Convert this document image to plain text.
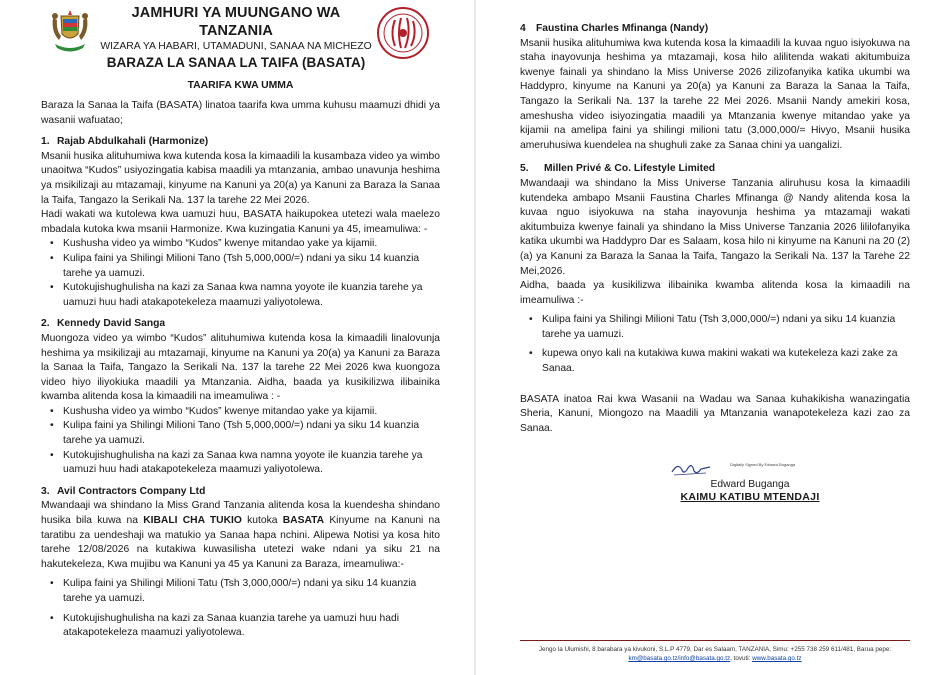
JAMHURI YA MUUNGANO WA TANZANIA
WIZARA YA HABARI, UTAMADUNI, SANAA NA MICHEZO
BARAZA LA SANAA LA TAIFA (BASATA)
TAARIFA KWA UMMA

Baraza la Sanaa la Taifa (BASATA) linatoa taarifa kwa umma kuhusu maamuzi dhidi ya wasanii wafuatao;

1. Rajab Abdulkahali (Harmonize)

Msanii husika alituhumiwa kwa kutenda kosa la kimaadili la kusambaza video ya wimbo unaoitwa “Kudos” usiyozingatia kabisa maadili ya mtanzania, ambao unavunja heshima ya msikilizaji au mtazamaji, kinyume na Kanuni ya 20(a) ya Kanuni za Baraza la Sanaa la Taifa, Tangazo la Serikali Na. 137 la tarehe 22 Mei 2026.

Hadi wakati wa kutolewa kwa uamuzi huu, BASATA haikupokea utetezi wala maelezo mbadala kutoka kwa msanii Harmonize. Kwa kuzingatia Kanuni ya 45, imeamuliwa: -

• Kushusha video ya wimbo “Kudos” kwenye mitandao yake ya kijamii.
• Kulipa faini ya Shilingi Milioni Tano (Tsh 5,000,000/=) ndani ya siku 14 kuanzia tarehe ya uamuzi.
• Kutokujishughulisha na kazi za Sanaa kwa namna yoyote ile kuanzia tarehe ya uamuzi huu hadi atakapotekeleza maamuzi yaliyotolewa.
2. Kennedy David Sanga

Muongoza video ya wimbo “Kudos” alituhumiwa kutenda kosa la kimaadili linalovunja heshima ya msikilizaji au mtazamaji, kinyume na Kanuni ya 20(a) ya Kanuni za Baraza la Sanaa la Taifa, Tangazo la Serikali Na. 137 la tarehe 22 Mei 2026 kwa kuongoza video hiyo iliyokiuka maadili ya Mtanzania. Aidha, baada ya kusikilizwa ilibainika kwamba alitenda kosa la kimaadili na imeamuliwa : -

• Kushusha video ya wimbo “Kudos” kwenye mitandao yake ya kijamii.
• Kulipa faini ya Shilingi Milioni Tano (Tsh 5,000,000/=) ndani ya siku 14 kuanzia tarehe ya uamuzi.
• Kutokujishughulisha na kazi za Sanaa kwa namna yoyote ile kuanzia tarehe ya uamuzi huu hadi atakapotekeleza maamuzi yaliyotolewa.
3. Avil Contractors Company Ltd

Mwandaaji wa shindano la Miss Grand Tanzania alitenda kosa la kuendesha shindano husika bila kuwa na KIBALI CHA TUKIO kutoka BASATA Kinyume na Kanuni na taratibu za uendeshaji wa matukio ya Sanaa hapa nchini. Alipewa Notisi ya kosa hito tarehe 12/08/2026 na kutakiwa kuwasilisha utetezi wake ndani ya siku 21 na hakutekeleza, Kwa mujibu wa Kanuni ya 45 ya Kanuni za Baraza, imeamuliwa:-

• Kulipa faini ya Shilingi Milioni Tatu (Tsh 3,000,000/=) ndani ya siku 14 kuanzia tarehe ya uamuzi.
• Kutokujishughulisha na kazi za Sanaa kuanzia tarehe ya uamuzi huu hadi atakapotekeleza maamuzi yaliyotolewa.
4 Faustina Charles Mfinanga (Nandy)

Msanii husika alituhumiwa kwa kutenda kosa la kimaadili la kuvaa nguo isiyokuwa na staha inayovunja heshima ya mtazamaji, kosa hilo alilitenda wakati akitumbuiza kwenye fainali ya shindano la Miss Universe 2026 zilizofanyika katika ukumbi wa Haddypro, kinyume na Kanuni ya 20(a) ya Kanuni za Baraza la Sanaa la Taifa, Tangazo la Serikali Na. 137 la tarehe 22 Mei 2026. Msanii Nandy amekiri kosa, ameshusha video isiyozingatia maadili ya Mtanzania kwenye mitandao yake ya kijamii na amelipa faini ya shilingi milioni tatu (3,000,000/= Hivyo, Msanii husika ameruhusiwa kuendelea na shughuli zake za Sanaa chini ya uangalizi.

5. Millen Privé & Co. Lifestyle Limited

Mwandaaji wa shindano la Miss Universe Tanzania aliruhusu kosa la kimaadili kutendeka ambapo Msanii Faustina Charles Mfinanga @ Nandy alitenda kosa la kuvaa nguo isiyokuwa na staha inayovunja heshima ya mtazamaji wakati akitumbuiza kwenye fainali ya shindano la Miss Universe Tanzania 2026 lililofanyika katika ukumbi wa Haddypro Dar es Salaam, kosa hilo ni kinyume na Kanuni na 20 (2) (a) ya Kanuni za Baraza la Sanaa la Taifa, Tangazo la Serikali Na. 137 la Tarehe 22 Mei,2026.

Aidha, baada ya kusikilizwa ilibainika kwamba alitenda kosa la kimaadili na imeamuliwa :-

• Kulipa faini ya Shilingi Milioni Tatu (Tsh 3,000,000/=) ndani ya siku 14 kuanzia tarehe ya uamuzi.
• kupewa onyo kali na kutakiwa kuwa makini wakati wa kutekeleza kazi zake za Sanaa.

BASATA inatoa Rai kwa Wasanii na Wadau wa Sanaa kuhakikisha wanazingatia Sheria, Kanuni, Miongozo na Maadili ya Mtanzania wanapotekeleza kazi zao za Sanaa.

Digitally Signed By Edward Buganga
Edward Buganga
KAIMU KATIBU MTENDAJI
Jengo la Ulumishi, 8 barabara ya kivukoni, S.L.P 4779, Dar es Salaam, TANZANIA, Simu: +255 738 259 611/481, Barua pepe: km@basata.go.tz/info@basata.go.tz, tovuti: www.basata.go.tz
